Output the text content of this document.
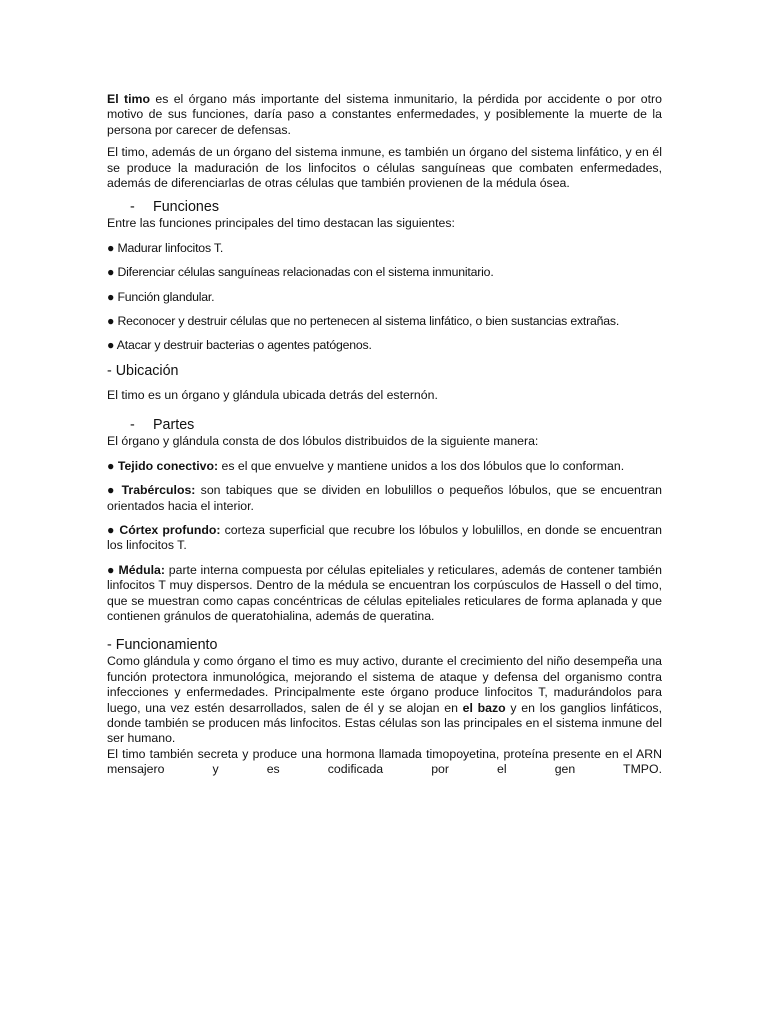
El timo es el órgano más importante del sistema inmunitario, la pérdida por accidente o por otro motivo de sus funciones, daría paso a constantes enfermedades, y posiblemente la muerte de la persona por carecer de defensas.

El timo, además de un órgano del sistema inmune, es también un órgano del sistema linfático, y en él se produce la maduración de los linfocitos o células sanguíneas que combaten enfermedades, además de diferenciarlas de otras células que también provienen de la médula ósea.

-	Funciones

Entre las funciones principales del timo destacan las siguientes:

● Madurar linfocitos T.

● Diferenciar células sanguíneas relacionadas con el sistema inmunitario.

● Función glandular.

● Reconocer y destruir células que no pertenecen al sistema linfático, o bien sustancias extrañas.

● Atacar y destruir bacterias o agentes patógenos.

- Ubicación

El timo es un órgano y glándula ubicada detrás del esternón.

-	Partes

El órgano y glándula consta de dos lóbulos distribuidos de la siguiente manera:

● Tejido conectivo: es el que envuelve y mantiene unidos a los dos lóbulos que lo conforman.

● Trabérculos: son tabiques que se dividen en lobulillos o pequeños lóbulos, que se encuentran orientados hacia el interior.

● Córtex profundo: corteza superficial que recubre los lóbulos y lobulillos, en donde se encuentran los linfocitos T.

● Médula: parte interna compuesta por células epiteliales y reticulares, además de contener también linfocitos T muy dispersos. Dentro de la médula se encuentran los corpúsculos de Hassell o del timo, que se muestran como capas concéntricas de células epiteliales reticulares de forma aplanada y que contienen gránulos de queratohialina, además de queratina.

- Funcionamiento

Como glándula y como órgano el timo es muy activo, durante el crecimiento del niño desempeña una función protectora inmunológica, mejorando el sistema de ataque y defensa del organismo contra infecciones y enfermedades. Principalmente este órgano produce linfocitos T, madurándolos para luego, una vez estén desarrollados, salen de él y se alojan en el bazo y en los ganglios linfáticos, donde también se producen más linfocitos. Estas células son las principales en el sistema inmune del ser humano.

El timo también secreta y produce una hormona llamada timopoyetina, proteína presente en el ARN mensajero y es codificada por el gen TMPO.
